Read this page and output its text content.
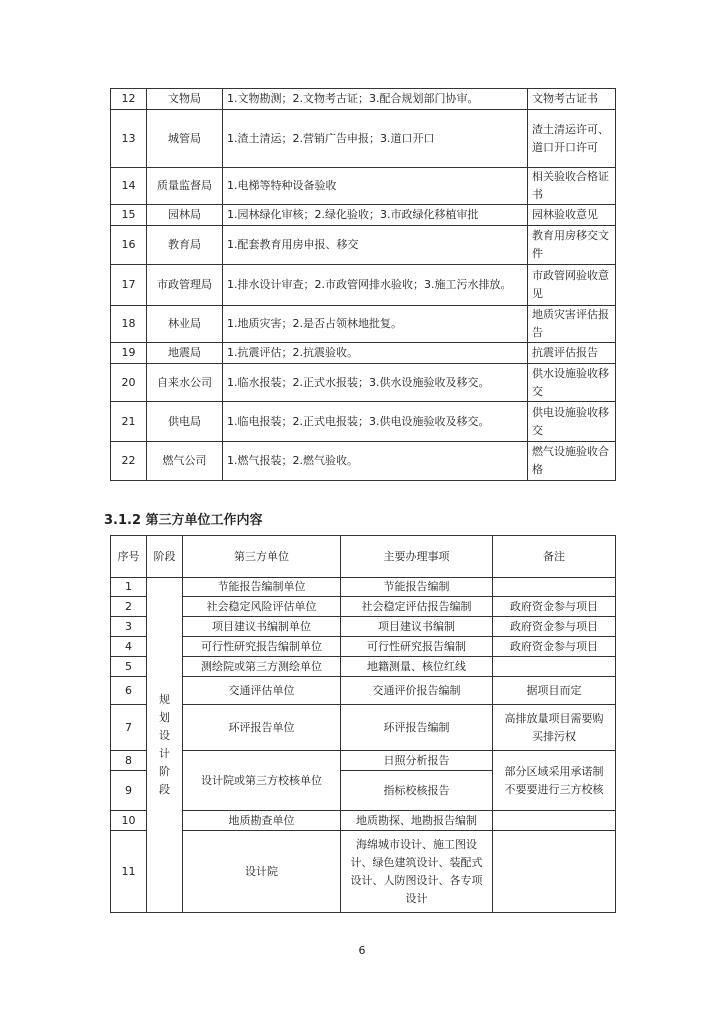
12	文物局	1.文物勘测；2.文物考古证；3.配合规划部门协审。	文物考古证书
13	城管局	1.渣土清运；2.营销广告申报；3.道口开口	渣土清运许可、道口开口许可
14	质量监督局	1.电梯等特种设备验收	相关验收合格证书
15	园林局	1.园林绿化审核；2.绿化验收；3.市政绿化移植审批	园林验收意见
16	教育局	1.配套教育用房申报、移交	教育用房移交文件
17	市政管理局	1.排水设计审查；2.市政管网排水验收；3.施工污水排放。	市政管网验收意见
18	林业局	1.地质灾害；2.是否占领林地批复。	地质灾害评估报告
19	地震局	1.抗震评估；2.抗震验收。	抗震评估报告
20	自来水公司	1.临水报装；2.正式水报装；3.供水设施验收及移交。	供水设施验收移交
21	供电局	1.临电报装；2.正式电报装；3.供电设施验收及移交。	供电设施验收移交
22	燃气公司	1.燃气报装；2.燃气验收。	燃气设施验收合格
3.1.2 第三方单位工作内容
序号	阶段	第三方单位	主要办理事项	备注
1	规划设计阶段	节能报告编制单位	节能报告编制	
2		社会稳定风险评估单位	社会稳定评估报告编制	政府资金参与项目
3		项目建议书编制单位	项目建议书编制	政府资金参与项目
4		可行性研究报告编制单位	可行性研究报告编制	政府资金参与项目
5		测绘院或第三方测绘单位	地籍测量、核位红线	
6		交通评估单位	交通评价报告编制	据项目而定
7		环评报告单位	环评报告编制	高排放量项目需要购买排污权
8		设计院或第三方校核单位	日照分析报告	部分区域采用承诺制不要要进行三方校核
9			指标校核报告	
10		地质勘查单位	地质勘探、地勘报告编制	
11		设计院	海绵城市设计、施工图设计、绿色建筑设计、装配式设计、人防图设计、各专项设计	
6
